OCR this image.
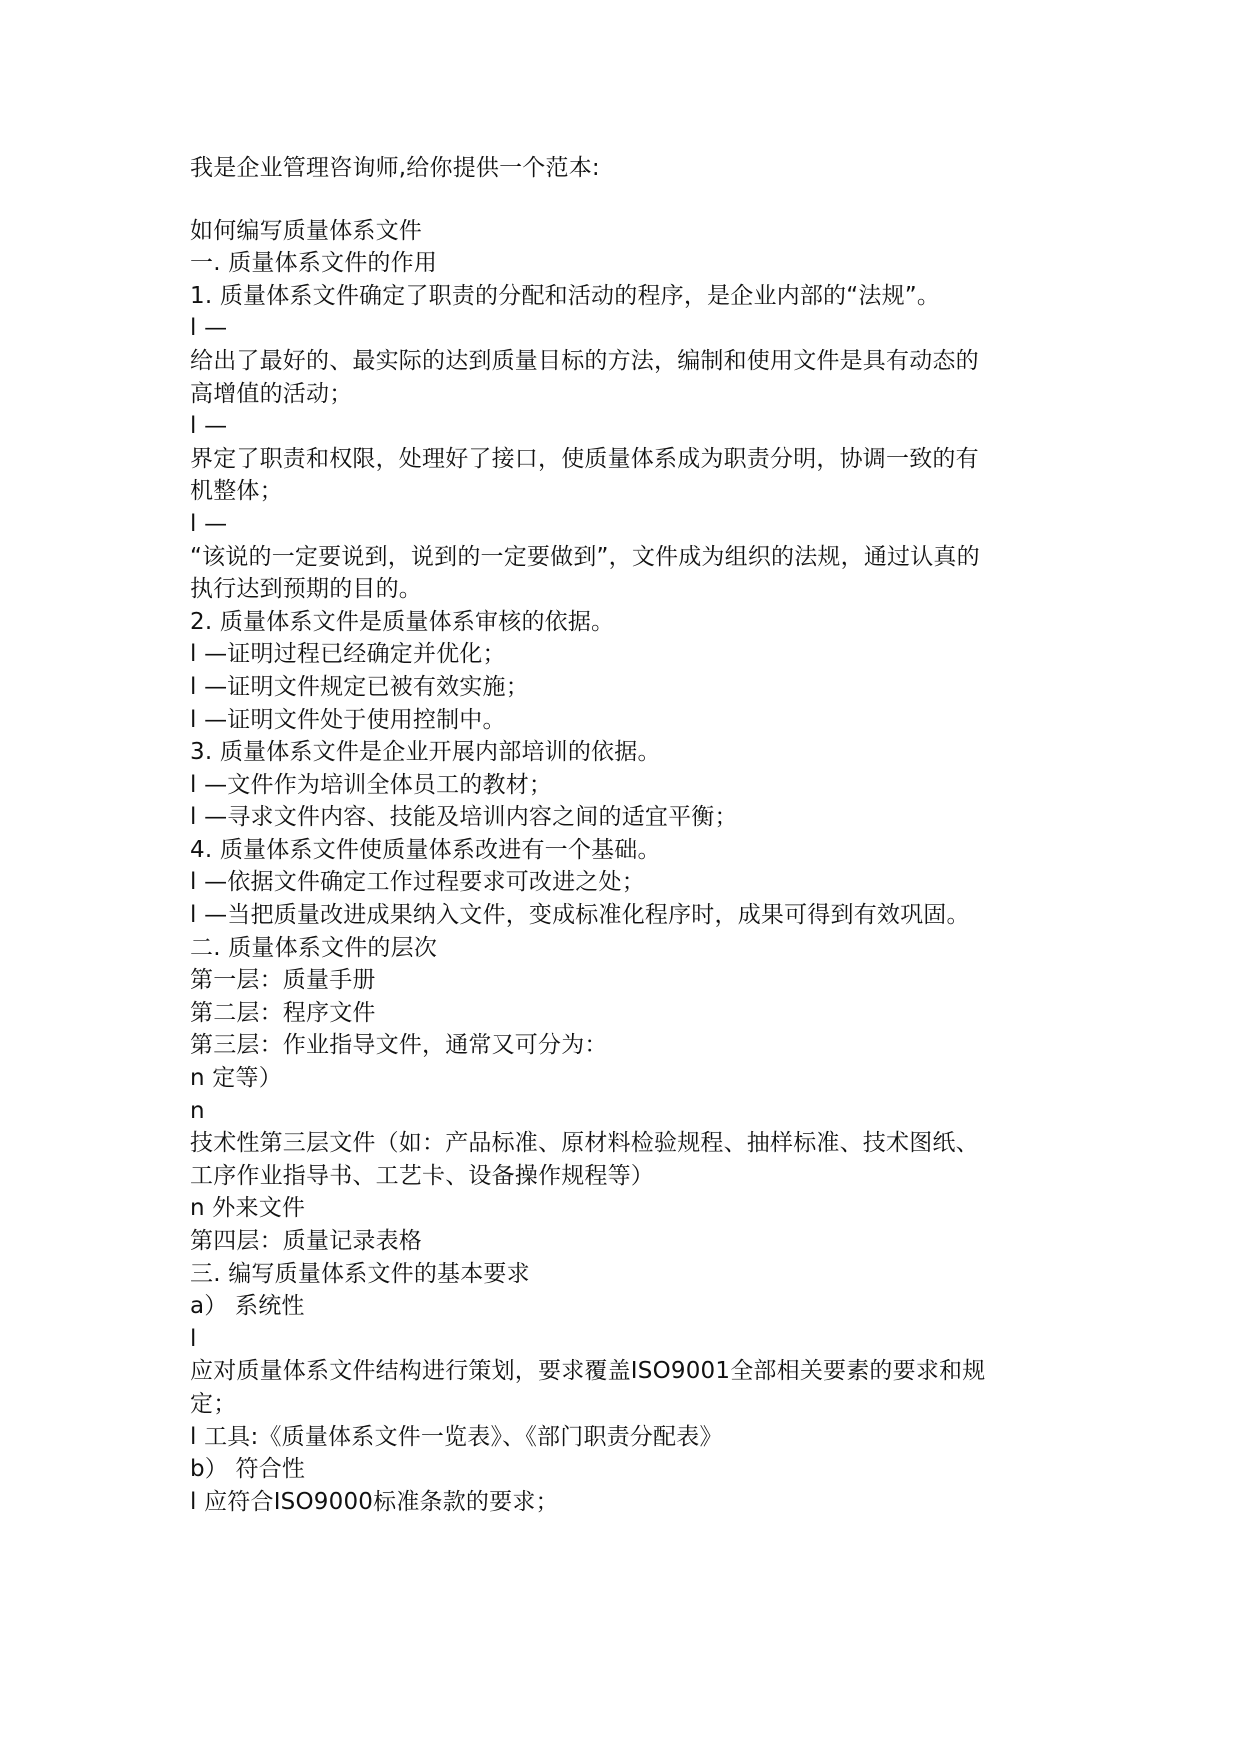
我是企业管理咨询师,给你提供一个范本:
如何编写质量体系文件
一. 质量体系文件的作用
1. 质量体系文件确定了职责的分配和活动的程序，是企业内部的“法规”。
l —
给出了最好的、最实际的达到质量目标的方法，编制和使用文件是具有动态的
高增值的活动；
l —
界定了职责和权限，处理好了接口，使质量体系成为职责分明，协调一致的有
机整体；
l —
“该说的一定要说到，说到的一定要做到”，文件成为组织的法规，通过认真的
执行达到预期的目的。
2. 质量体系文件是质量体系审核的依据。
l —证明过程已经确定并优化；
l —证明文件规定已被有效实施；
l —证明文件处于使用控制中。
3. 质量体系文件是企业开展内部培训的依据。
l —文件作为培训全体员工的教材；
l —寻求文件内容、技能及培训内容之间的适宜平衡；
4. 质量体系文件使质量体系改进有一个基础。
l —依据文件确定工作过程要求可改进之处；
l —当把质量改进成果纳入文件，变成标准化程序时，成果可得到有效巩固。
二. 质量体系文件的层次
第一层：质量手册
第二层：程序文件
第三层：作业指导文件，通常又可分为：
n 定等）
n
技术性第三层文件（如：产品标准、原材料检验规程、抽样标准、技术图纸、
工序作业指导书、工艺卡、设备操作规程等）
n 外来文件
第四层：质量记录表格
三. 编写质量体系文件的基本要求
a） 系统性
l
应对质量体系文件结构进行策划，要求覆盖ISO9001全部相关要素的要求和规
定；
l 工具:《质量体系文件一览表》、《部门职责分配表》
b） 符合性
l 应符合ISO9000标准条款的要求；
